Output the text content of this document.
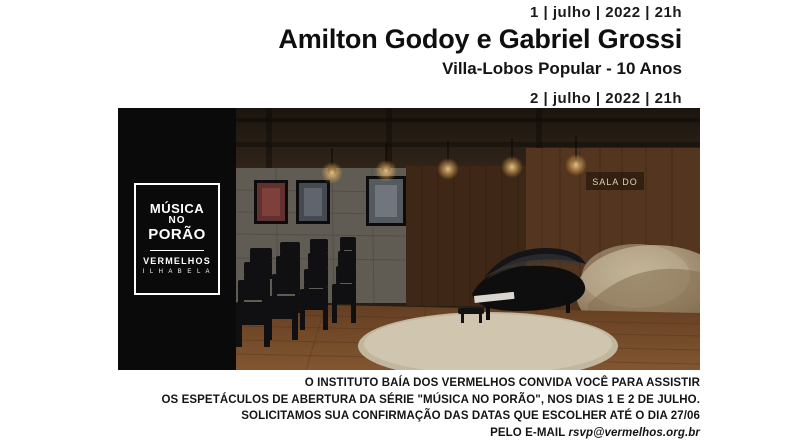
1 | julho | 2022 | 21h
Amilton Godoy e Gabriel Grossi
Villa-Lobos Popular - 10 Anos
2 | julho | 2022 | 21h
MÚSICA
NO
PORÃO
VERMELHOS
I L H A B E L A
SALA DO
O INSTITUTO BAÍA DOS VERMELHOS CONVIDA VOCÊ PARA ASSISTIR
OS ESPETÁCULOS DE ABERTURA DA SÉRIE "MÚSICA NO PORÃO", NOS DIAS 1 E 2 DE JULHO.
SOLICITAMOS SUA CONFIRMAÇÃO DAS DATAS QUE ESCOLHER ATÉ O DIA 27/06
PELO E-MAIL rsvp@vermelhos.org.br
